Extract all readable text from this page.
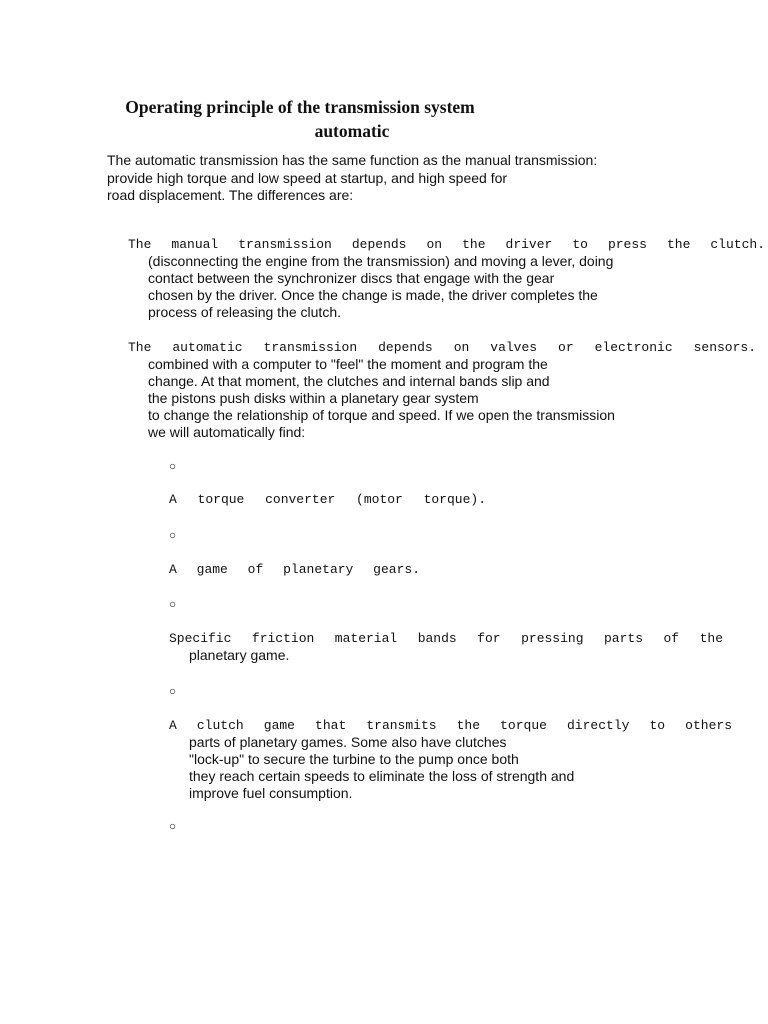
Operating principle of the transmission system
automatic
The automatic transmission has the same function as the manual transmission:
provide high torque and low speed at startup, and high speed for
road displacement. The differences are:
The manual transmission depends on the driver to press the clutch.
(disconnecting the engine from the transmission) and moving a lever, doing
contact between the synchronizer discs that engage with the gear
chosen by the driver. Once the change is made, the driver completes the
process of releasing the clutch.
The automatic transmission depends on valves or electronic sensors.
combined with a computer to "feel" the moment and program the
change. At that moment, the clutches and internal bands slip and
the pistons push disks within a planetary gear system
to change the relationship of torque and speed. If we open the transmission
we will automatically find:
○
A torque converter (motor torque).
○
A game of planetary gears.
○
Specific friction material bands for pressing parts of the
planetary game.
○
A clutch game that transmits the torque directly to others
parts of planetary games. Some also have clutches
"lock-up" to secure the turbine to the pump once both
they reach certain speeds to eliminate the loss of strength and
improve fuel consumption.
○
